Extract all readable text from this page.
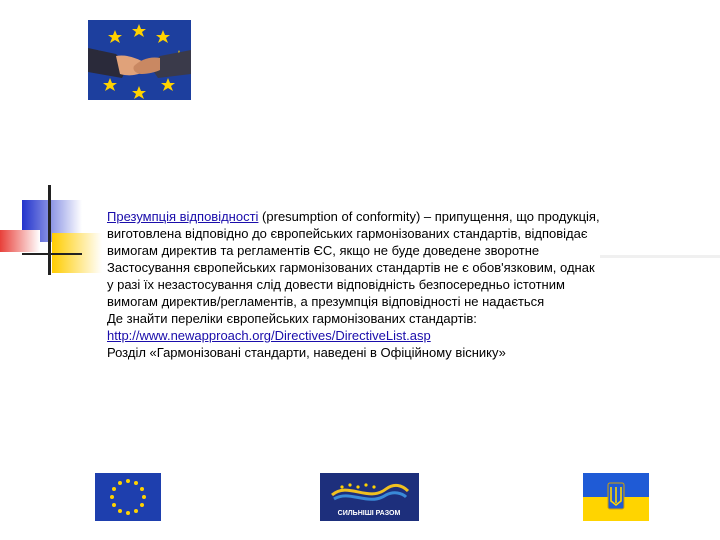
Презумпція відповідності (presumption of conformity) – припущення, що продукція, виготовлена відповідно до європейських гармонізованих стандартів, відповідає вимогам директив та регламентів ЄС, якщо не буде доведене зворотне

Застосування європейських гармонізованих стандартів не є обов'язковим, однак у разі їх незастосування слід довести відповідність безпосередньо істотним вимогам директив/регламентів, а презумпція відповідності не надається

Де знайти переліки європейських гармонізованих стандартів:

http://www.newapproach.org/Directives/DirectiveList.asp

Розділ «Гармонізовані стандарти, наведені в Офіційному віснику»

СИЛЬНІШІ РАЗОМ
